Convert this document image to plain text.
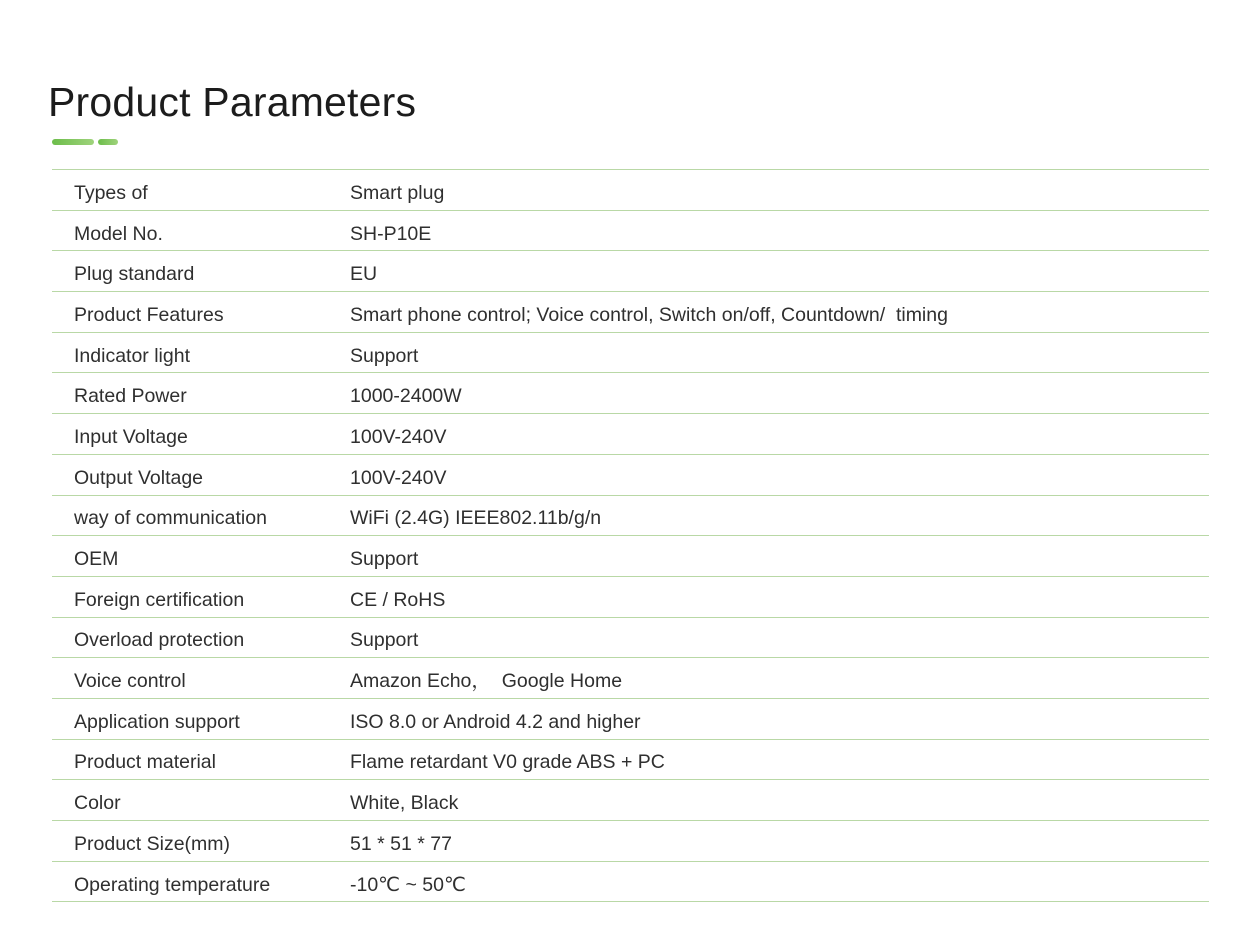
Product Parameters
Types of	Smart plug
Model No.	SH-P10E
Plug standard	EU
Product Features	Smart phone control; Voice control, Switch on/off, Countdown/  timing
Indicator light	Support
Rated Power	1000-2400W
Input Voltage	100V-240V
Output Voltage	100V-240V
way of communication	WiFi (2.4G) IEEE802.11b/g/n
OEM	Support
Foreign certification	CE / RoHS
Overload protection	Support
Voice control	Amazon Echo，  Google Home
Application support	ISO 8.0 or Android 4.2 and higher
Product material	Flame retardant V0 grade ABS + PC
Color	White, Black
Product Size(mm)	51 * 51 * 77
Operating temperature	-10℃ ~ 50℃
